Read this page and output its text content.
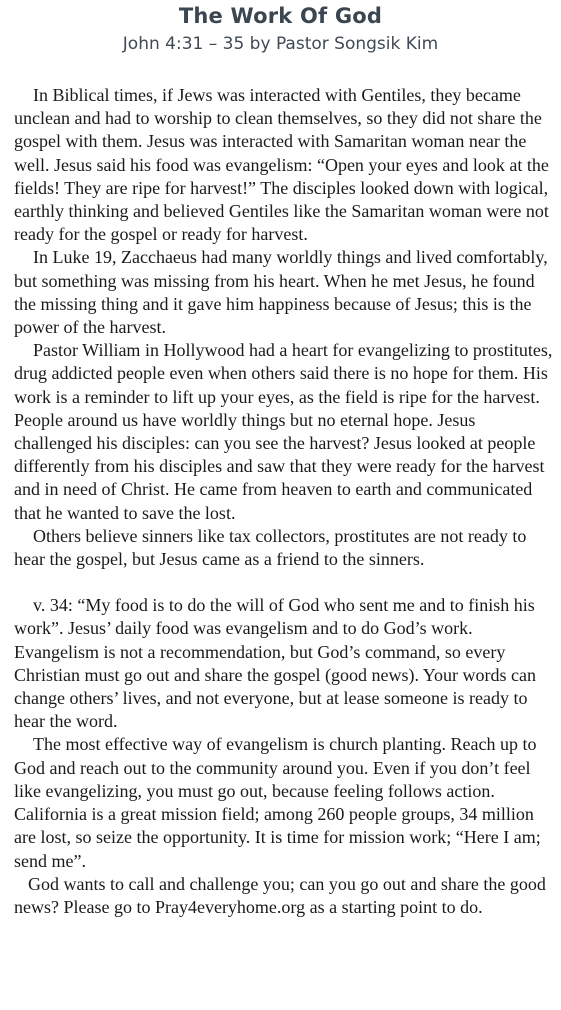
The Work Of God
John 4:31 – 35 by Pastor Songsik Kim

In Biblical times, if Jews was interacted with Gentiles, they became unclean and had to worship to clean themselves, so they did not share the gospel with them. Jesus was interacted with Samaritan woman near the well. Jesus said his food was evangelism: “Open your eyes and look at the fields! They are ripe for harvest!” The disciples looked down with logical, earthly thinking and believed Gentiles like the Samaritan woman were not ready for the gospel or ready for harvest.

In Luke 19, Zacchaeus had many worldly things and lived comfortably, but something was missing from his heart. When he met Jesus, he found the missing thing and it gave him happiness because of Jesus; this is the power of the harvest.

Pastor William in Hollywood had a heart for evangelizing to prostitutes, drug addicted people even when others said there is no hope for them. His work is a reminder to lift up your eyes, as the field is ripe for the harvest. People around us have worldly things but no eternal hope. Jesus challenged his disciples: can you see the harvest? Jesus looked at people differently from his disciples and saw that they were ready for the harvest and in need of Christ. He came from heaven to earth and communicated that he wanted to save the lost.

Others believe sinners like tax collectors, prostitutes are not ready to hear the gospel, but Jesus came as a friend to the sinners.

v. 34: “My food is to do the will of God who sent me and to finish his work”. Jesus’ daily food was evangelism and to do God’s work. Evangelism is not a recommendation, but God’s command, so every Christian must go out and share the gospel (good news). Your words can change others’ lives, and not everyone, but at lease someone is ready to hear the word.

The most effective way of evangelism is church planting. Reach up to God and reach out to the community around you. Even if you don’t feel like evangelizing, you must go out, because feeling follows action. California is a great mission field; among 260 people groups, 34 million are lost, so seize the opportunity. It is time for mission work; “Here I am; send me”.

God wants to call and challenge you; can you go out and share the good news? Please go to Pray4everyhome.org as a starting point to do.
